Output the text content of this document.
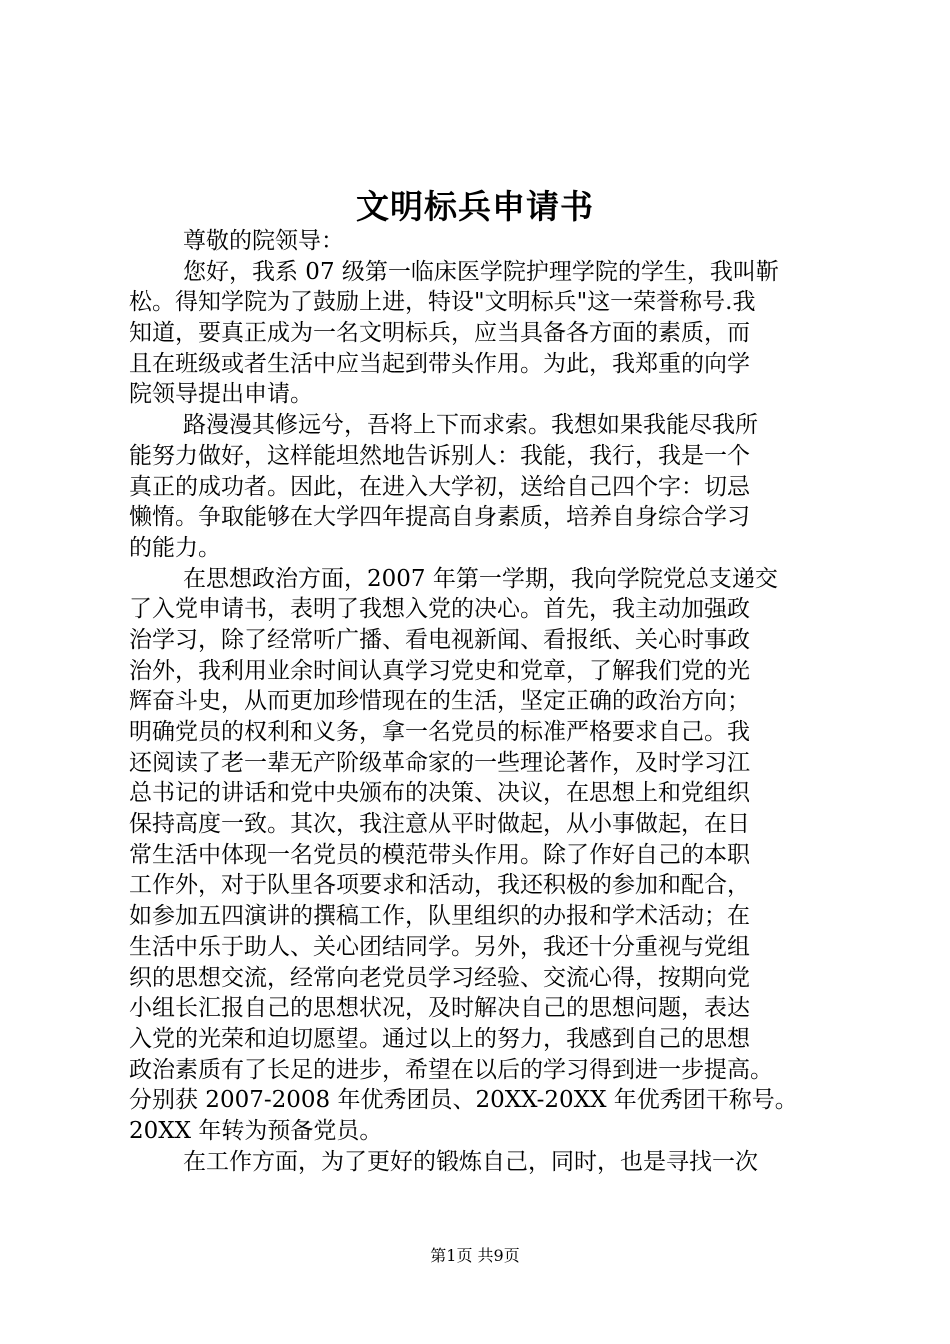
文明标兵申请书
尊敬的院领导：
您好，我系 07 级第一临床医学院护理学院的学生，我叫靳
松。得知学院为了鼓励上进，特设"文明标兵"这一荣誉称号.我
知道，要真正成为一名文明标兵，应当具备各方面的素质，而
且在班级或者生活中应当起到带头作用。为此，我郑重的向学
院领导提出申请。
路漫漫其修远兮，吾将上下而求索。我想如果我能尽我所
能努力做好，这样能坦然地告诉别人：我能，我行，我是一个
真正的成功者。因此，在进入大学初，送给自己四个字：切忌
懒惰。争取能够在大学四年提高自身素质，培养自身综合学习
的能力。
在思想政治方面，2007 年第一学期，我向学院党总支递交
了入党申请书，表明了我想入党的决心。首先，我主动加强政
治学习，除了经常听广播、看电视新闻、看报纸、关心时事政
治外，我利用业余时间认真学习党史和党章，了解我们党的光
辉奋斗史，从而更加珍惜现在的生活，坚定正确的政治方向；
明确党员的权利和义务，拿一名党员的标准严格要求自己。我
还阅读了老一辈无产阶级革命家的一些理论著作，及时学习江
总书记的讲话和党中央颁布的决策、决议，在思想上和党组织
保持高度一致。其次，我注意从平时做起，从小事做起，在日
常生活中体现一名党员的模范带头作用。除了作好自己的本职
工作外，对于队里各项要求和活动，我还积极的参加和配合，
如参加五四演讲的撰稿工作，队里组织的办报和学术活动；在
生活中乐于助人、关心团结同学。另外，我还十分重视与党组
织的思想交流，经常向老党员学习经验、交流心得，按期向党
小组长汇报自己的思想状况，及时解决自己的思想问题，表达
入党的光荣和迫切愿望。通过以上的努力，我感到自己的思想
政治素质有了长足的进步，希望在以后的学习得到进一步提高。
分别获 2007-2008 年优秀团员、20XX-20XX 年优秀团干称号。
20XX 年转为预备党员。
在工作方面，为了更好的锻炼自己，同时，也是寻找一次
第1页 共9页
